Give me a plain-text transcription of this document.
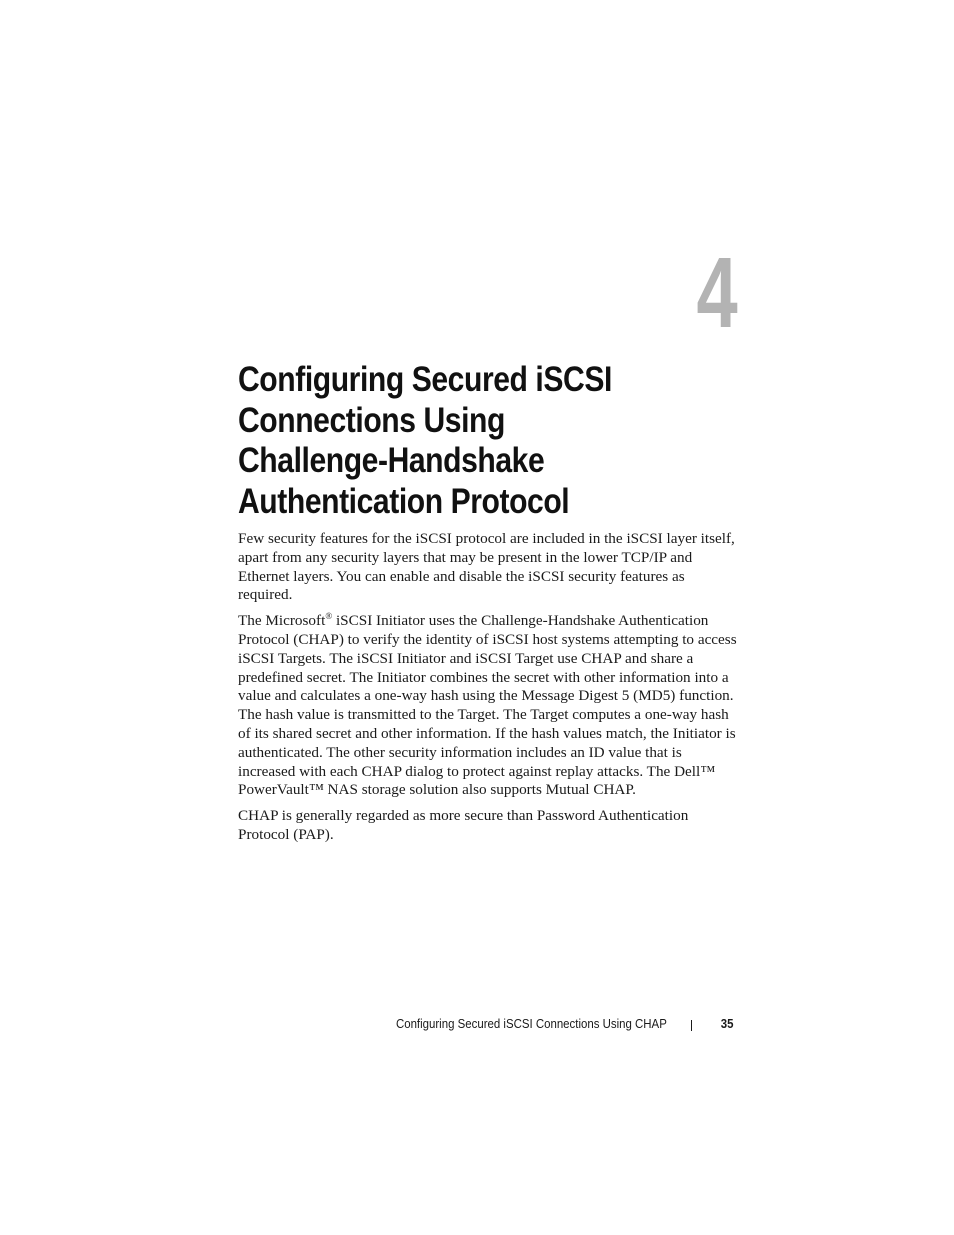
4
Configuring Secured iSCSI
Connections Using
Challenge-Handshake
Authentication Protocol

Few security features for the iSCSI protocol are included in the iSCSI layer itself, apart from any security layers that may be present in the lower TCP/IP and Ethernet layers. You can enable and disable the iSCSI security features as required.

The Microsoft® iSCSI Initiator uses the Challenge-Handshake Authentication Protocol (CHAP) to verify the identity of iSCSI host systems attempting to access iSCSI Targets. The iSCSI Initiator and iSCSI Target use CHAP and share a predefined secret. The Initiator combines the secret with other information into a value and calculates a one-way hash using the Message Digest 5 (MD5) function. The hash value is transmitted to the Target. The Target computes a one-way hash of its shared secret and other information. If the hash values match, the Initiator is authenticated. The other security information includes an ID value that is increased with each CHAP dialog to protect against replay attacks. The Dell™ PowerVault™ NAS storage solution also supports Mutual CHAP.

CHAP is generally regarded as more secure than Password Authentication Protocol (PAP).

Configuring Secured iSCSI Connections Using CHAP	35
